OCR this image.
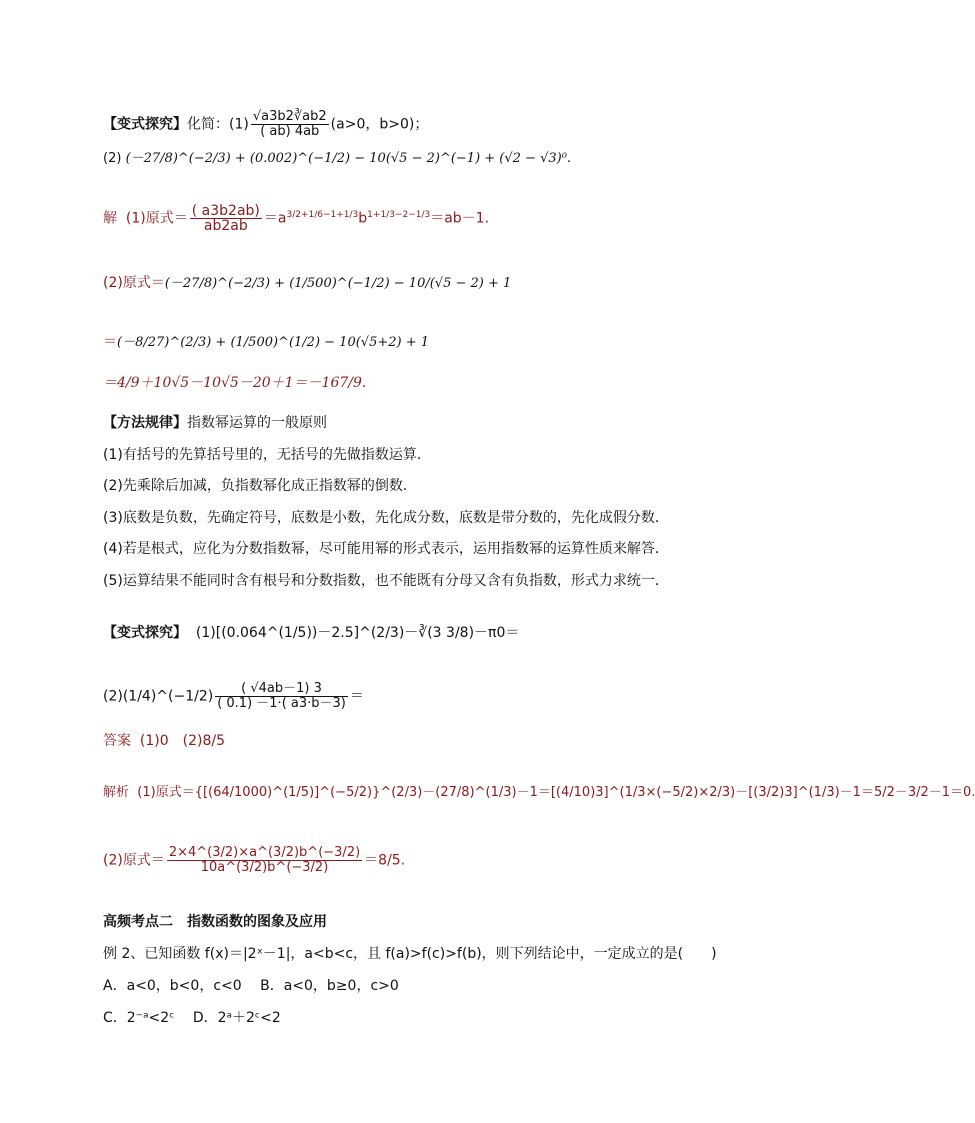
【变式探究】化简：$(1) \frac{√a3b2∛ab2}{( ab) 4ab} (a>0$，b>0)；
(2) (－27/8)^(−2/3) + (0.002)^(−1/2) − 10(√5 − 2)^(−1) + (√2 − √3)⁰.
解 (1)原式＝ $\frac{( a3b2ab)}{ab2ab} =a^{3/2+1/6-1+1/3}b^{1+1/3-2-1/3}=ab-1$.
(2)原式＝(－27/8)^(−2/3) + (1/500)^(−1/2) − 10/(√5 − 2) + 1
＝(－8/27)^(2/3) + (1/500)^(1/2) − 10(√5+2) + 1
＝4/9＋10√5－10√5－20＋1＝－167/9.
【方法规律】指数幂运算的一般原则
(1)有括号的先算括号里的，无括号的先做指数运算．
(2)先乘除后加减，负指数幂化成正指数幂的倒数．
(3)底数是负数，先确定符号，底数是小数，先化成分数，底数是带分数的，先化成假分数．
(4)若是根式，应化为分数指数幂，尽可能用幂的形式表示，运用指数幂的运算性质来解答．
(5)运算结果不能同时含有根号和分数指数，也不能既有分母又含有负指数，形式力求统一．
【变式探究】 (1)[(0.064^(1/5))－2.5]^(2/3)－∛(3 3/8)－π0＝
(2)(1/4)^(−1/2) $\frac{( √4ab-1) 3}{( 0.1) -1\cdot( a3\cdot b-3)}$ ＝
答案 (1)0　(2)8/5
解析 (1)原式＝{[(64/1000)^(1/5)]^(−5/2)}^(2/3)－(27/8)^(1/3)－1＝[(4/10)3]^(1/3×(−5/2)×2/3)－[(3/2)3]^(1/3)－1＝5/2－3/2－1＝0.
(2)原式＝ $\frac{2\times 4\^{}(3/2)\times a\^{}(3/2)b\^{}(-3/2)}{10a\^{}(3/2)b\^{}(-3/2)} =8/5$.
高频考点二　指数函数的图象及应用
例 2、已知函数 f(x)＝|2ˣ－1|，a<b<c，且 f(a)>f(c)>f(b)，则下列结论中，一定成立的是(　　)
A．a<0，b<0，c<0　 B．a<0，b≥0，c>0
C．2⁻ᵃ<2ᶜ　 D．2ᵃ＋2ᶜ<2
